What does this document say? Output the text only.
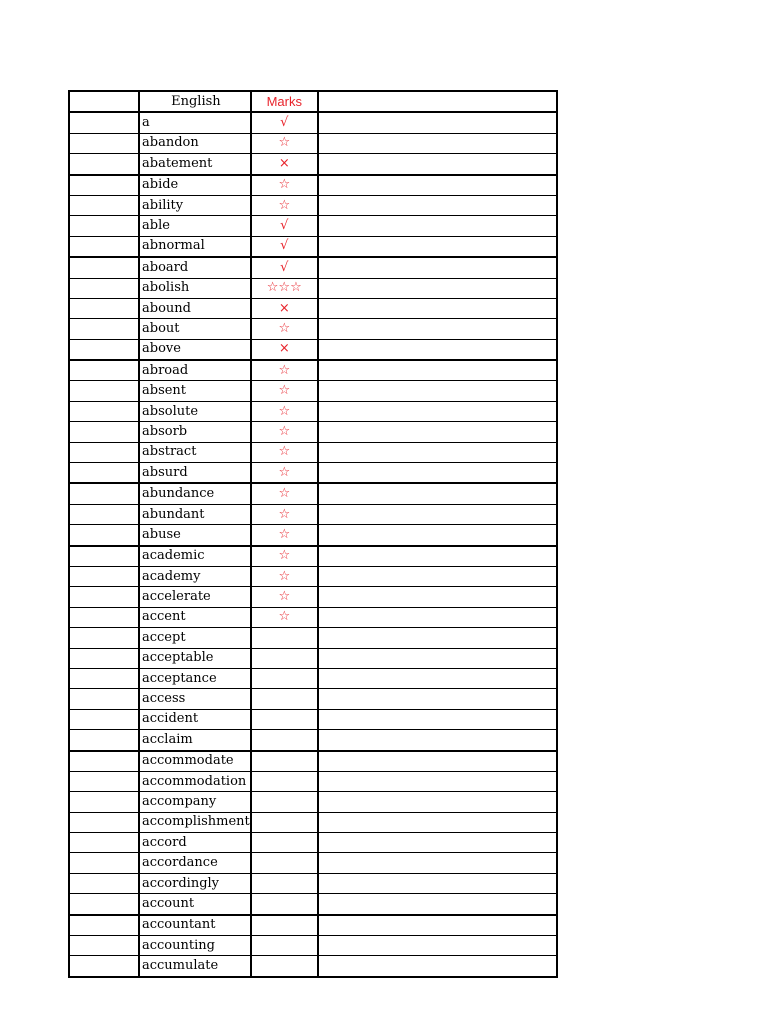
	English	Marks	
	a	√	
	abandon	☆	
	abatement	×	
	abide	☆	
	ability	☆	
	able	√	
	abnormal	√	
	aboard	√	
	abolish	☆☆☆	
	abound	×	
	about	☆	
	above	×	
	abroad	☆	
	absent	☆	
	absolute	☆	
	absorb	☆	
	abstract	☆	
	absurd	☆	
	abundance	☆	
	abundant	☆	
	abuse	☆	
	academic	☆	
	academy	☆	
	accelerate	☆	
	accent	☆	
	accept		
	acceptable		
	acceptance		
	access		
	accident		
	acclaim		
	accommodate		
	accommodation		
	accompany		
	accomplishment		
	accord		
	accordance		
	accordingly		
	account		
	accountant		
	accounting		
	accumulate		
